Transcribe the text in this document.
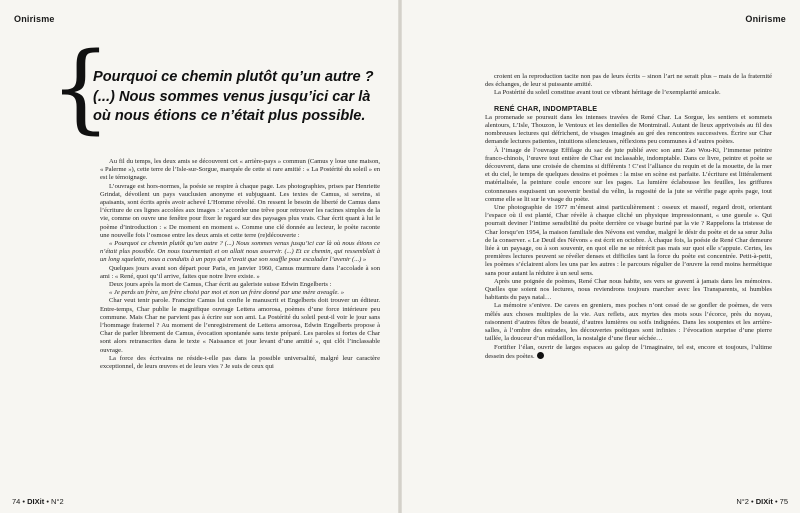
Onirisme
{
Pourquoi ce chemin plutôt qu’un autre ? (...) Nous sommes venus jusqu’ici car là où nous étions ce n’était plus possible.

Au fil du temps, les deux amis se découvrent cet « arrière-pays » commun (Camus y loue une maison, « Palerme »), cette terre de l’Isle-sur-Sorgue, marquée de cette si rare amitié : « La Postérité du soleil » en est le témoignage.

L’ouvrage est hors-normes, la poésie se respire à chaque page. Les photographies, prises par Henriette Grindat, dévoilent un pays vauclusien anonyme et subjuguant. Les textes de Camus, si sereins, si apaisants, sont écrits après avoir achevé L’Homme révolté. On ressent le besoin de liberté de Camus dans l’écriture de ces lignes accolées aux images : s’accorder une trêve pour retrouver les racines simples de la vie, comme on ouvre une fenêtre pour fixer le regard sur des paysages plus vrais. Char écrit quant à lui le poème d’introduction : « De moment en moment ». Comme une clé donnée au lecteur, le poète raconte une nouvelle fois l’osmose entre les deux amis et cette terre (re)découverte :

« Pourquoi ce chemin plutôt qu’un autre ? (...) Nous sommes venus jusqu’ici car là où nous étions ce n’était plus possible. On nous tourmentait et on allait nous asservir. (...) Et ce chemin, qui ressemblait à un long squelette, nous a conduits à un pays qui n’avait que son souffle pour escalader l’avenir (...) »

Quelques jours avant son départ pour Paris, en janvier 1960, Camus murmure dans l’accolade à son ami : « René, quoi qu’il arrive, faites que notre livre existe. »

Deux jours après la mort de Camus, Char écrit au galeriste suisse Edwin Engelberts :

« Je perds un frère, un frère choisi par moi et non un frère donné par une mère aveugle. »

Char veut tenir parole. Francine Camus lui confie le manuscrit et Engelberts doit trouver un éditeur. Entre-temps, Char publie le magnifique ouvrage Lettera amorosa, poèmes d’une force intérieure peu commune. Mais Char ne parvient pas à écrire sur son ami. La Postérité du soleil peut-il voir le jour sans l’hommage fraternel ? Au moment de l’enregistrement de Lettera amorosa, Edwin Engelberts propose à Char de parler librement de Camus, évocation spontanée sans texte préparé. Les paroles si fortes de Char sont alors retranscrites dans le texte « Naissance et jour levant d’une amitié », qui clôt l’inclassable ouvrage.

La force des écrivains ne réside-t-elle pas dans la possible universalité, malgré leur caractère exceptionnel, de leurs œuvres et de leurs vies ? Je suis de ceux qui

74 • DIXit • N°2
Onirisme

croient en la reproduction tacite non pas de leurs écrits – sinon l’art ne serait plus – mais de la fraternité des échanges, de leur si puissante amitié.

La Postérité du soleil constitue avant tout ce vibrant héritage de l’exemplarité amicale.

RENÉ CHAR, INDOMPTABLE

La promenade se poursuit dans les intenses travées de René Char. La Sorgue, les sentiers et sommets alentours, L’Isle, Thouzon, le Ventoux et les dentelles de Montmirail. Autant de lieux apprivoisés au fil des nombreuses lectures qui défrichent, de visages imaginés au gré des rencontres successives. Écrire sur Char demande lectures patientes, intuitions silencieuses, réflexions peu communes à d’autres poètes.

À l’image de l’ouvrage Effilage du sac de jute publié avec son ami Zao Wou-Ki, l’immense peintre franco-chinois, l’œuvre tout entière de Char est inclassable, indomptable. Dans ce livre, peintre et poète se découvrent, dans une croisée de chemins si différents ! C’est l’alliance du requin et de la mouette, de la mer et du ciel, le temps de quelques dessins et poèmes : la mise en scène est parfaite. L’écriture est littéralement matérialisée, la peinture coule encore sur les pages. La lumière éclabousse les feuilles, les griffures cotonneuses esquissent un souvenir bestial du vélin, la rugosité de la jute se vérifie page après page, tout comme elle se lit sur le visage du poète.

Une photographie de 1977 m’émeut ainsi particulièrement : osseux et massif, regard droit, orientant l’espace où il est planté, Char révèle à chaque cliché un physique impressionnant, « une gueule ». Qui pourrait deviner l’intime sensibilité du poète derrière ce visage buriné par la vie ? Rappelons la tristesse de Char lorsqu’en 1954, la maison familiale des Névons est vendue, malgré le désir du poète et de sa sœur Julia de la conserver. « Le Deuil des Névons » est écrit en octobre. À chaque fois, la poésie de René Char demeure liée à un paysage, ou à son souvenir, en quoi elle ne se rétrécit pas mais sur quoi elle s’appuie. Certes, les premières lectures peuvent se révéler denses et difficiles tant la force du poète est concentrée. Petit-à-petit, les poèmes s’éclairent alors les uns par les autres : le parcours régulier de l’œuvre la rend moins hermétique sans pour autant la réduire à un seul sens.

Après une poignée de poèmes, René Char nous habite, ses vers se gravent à jamais dans les mémoires. Quelles que soient nos lectures, nous reviendrons toujours marcher avec les Transparents, si humbles habitants du pays natal…

La mémoire s’enivre. De caves en greniers, mes poches n’ont cessé de se gonfler de poèmes, de vers mêlés aux choses multiples de la vie. Aux reflets, aux myrtes des mots sous l’écorce, près du noyau, raisonnent d’autres fêtes de beauté, d’autres lumières ou soifs indignées. Dans les soupentes et les arrière-salles, à l’ombre des estrades, les découvertes poétiques sont infinies : l’évocation surprise d’une pierre taillée, la douceur d’un médaillon, la nostalgie d’une fleur séchée…

Fortifier l’élan, ouvrir de larges espaces au galop de l’imaginaire, tel est, encore et toujours, l’ultime dessein des poètes.

N°2 • DIXit • 75
